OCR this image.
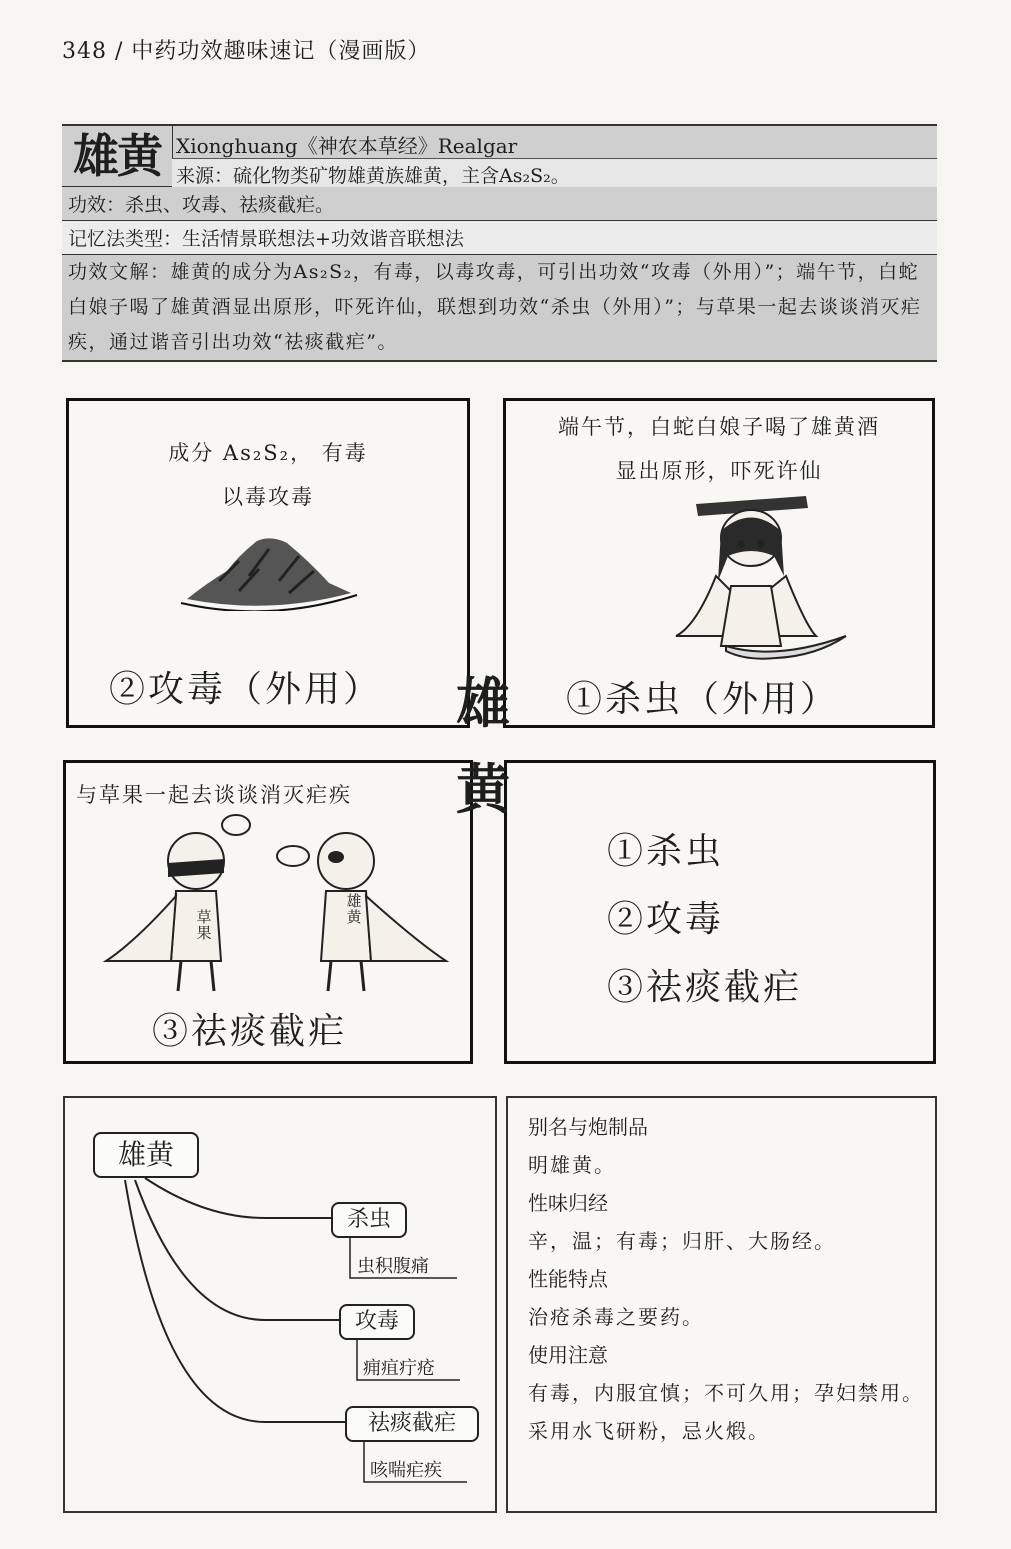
348 / 中药功效趣味速记（漫画版）
雄黄 Xionghuang《神农本草经》Realgar
来源：硫化物类矿物雄黄族雄黄，主含As₂S₂。
功效：杀虫、攻毒、祛痰截疟。
记忆法类型：生活情景联想法+功效谐音联想法
功效文解：雄黄的成分为As₂S₂，有毒，以毒攻毒，可引出功效“攻毒（外用）”；端午节，白蛇白娘子喝了雄黄酒显出原形，吓死许仙，联想到功效“杀虫（外用）”；与草果一起去谈谈消灭疟疾，通过谐音引出功效“祛痰截疟”。
成分 As₂S₂， 有毒
以毒攻毒
②攻毒（外用）
端午节，白蛇白娘子喝了雄黄酒
显出原形，吓死许仙
①杀虫（外用）
与草果一起去谈谈消灭疟疾
草果
雄黄
③祛痰截疟
①杀虫
②攻毒
③祛痰截疟
雄
黄
雄黄
杀虫
虫积腹痛
攻毒
痈疽疔疮
祛痰截疟
咳喘疟疾
别名与炮制品
明雄黄。
性味归经
辛，温；有毒；归肝、大肠经。
性能特点
治疮杀毒之要药。
使用注意
有毒，内服宜慎；不可久用；孕妇禁用。采用水飞研粉，忌火煅。
